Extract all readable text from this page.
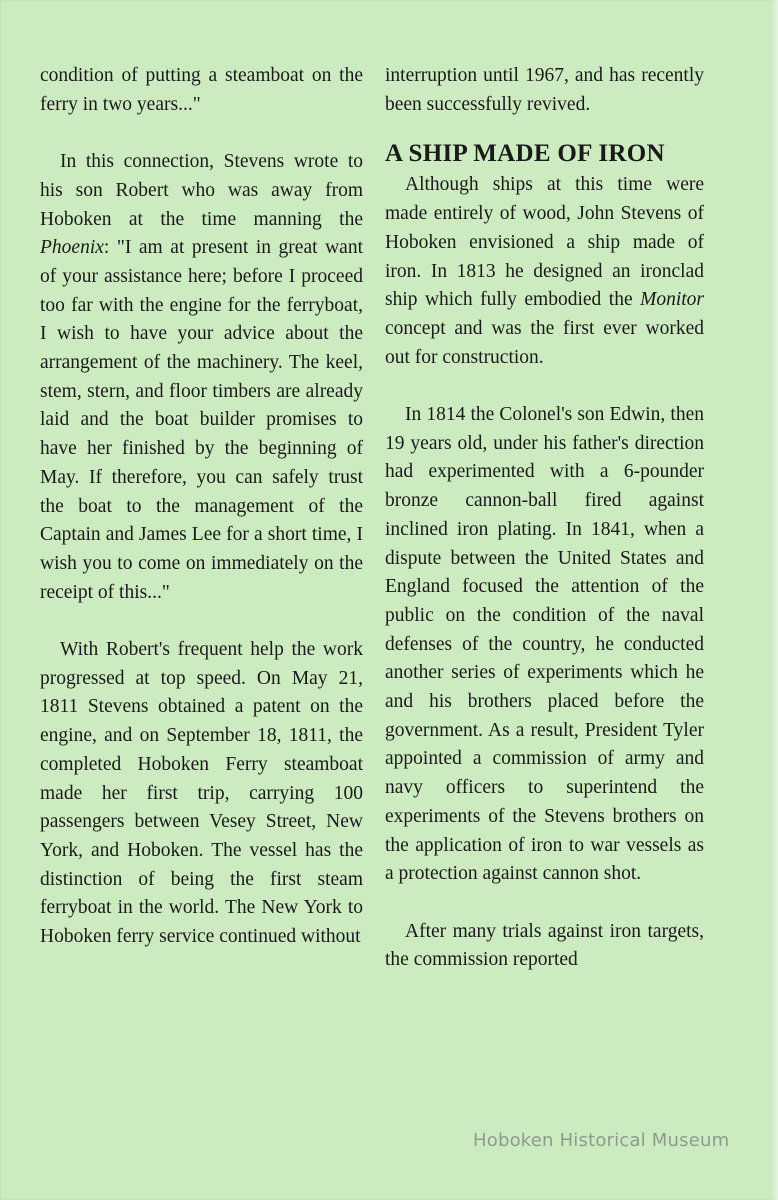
condition of putting a steamboat on the ferry in two years..."

In this connection, Stevens wrote to his son Robert who was away from Hoboken at the time manning the Phoenix: "I am at present in great want of your assistance here; before I proceed too far with the engine for the ferryboat, I wish to have your advice about the arrangement of the machinery. The keel, stem, stern, and floor timbers are already laid and the boat builder promises to have her finished by the beginning of May. If therefore, you can safely trust the boat to the management of the Captain and James Lee for a short time, I wish you to come on immediately on the receipt of this..."

With Robert's frequent help the work progressed at top speed. On May 21, 1811 Stevens obtained a patent on the engine, and on September 18, 1811, the completed Hoboken Ferry steamboat made her first trip, carrying 100 passengers between Vesey Street, New York, and Hoboken. The vessel has the distinction of being the first steam ferryboat in the world. The New York to Hoboken ferry service continued without

interruption until 1967, and has recently been successfully revived.

A SHIP MADE OF IRON

Although ships at this time were made entirely of wood, John Stevens of Hoboken envisioned a ship made of iron. In 1813 he designed an ironclad ship which fully embodied the Monitor concept and was the first ever worked out for construction.

In 1814 the Colonel's son Edwin, then 19 years old, under his father's direction had experimented with a 6-pounder bronze cannon-ball fired against inclined iron plating. In 1841, when a dispute between the United States and England focused the attention of the public on the condition of the naval defenses of the country, he conducted another series of experiments which he and his brothers placed before the government. As a result, President Tyler appointed a commission of army and navy officers to superintend the experiments of the Stevens brothers on the application of iron to war vessels as a protection against cannon shot.

After many trials against iron targets, the commission reported

Hoboken Historical Museum
